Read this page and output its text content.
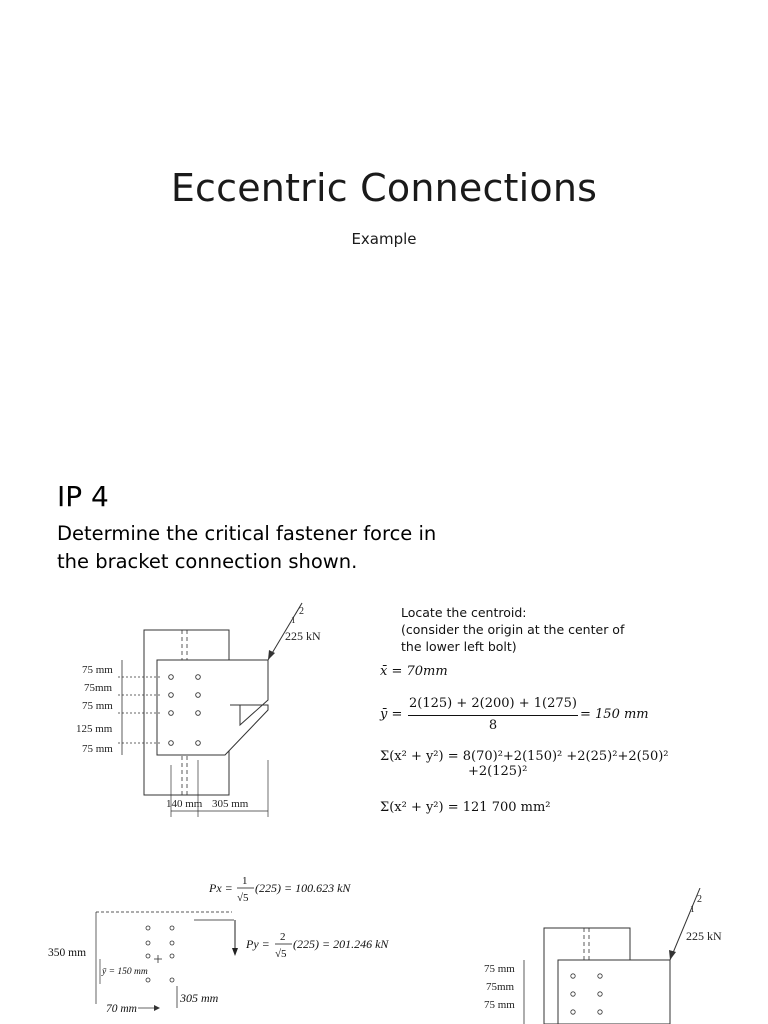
Eccentric Connections
Example
IP 4
Determine the critical fastener force in
the bracket connection shown.
75 mm
75mm
75 mm
125 mm
75 mm
140 mm 305 mm
2
1
225 kN
Locate the centroid:
(consider the origin at the center of
the lower left bolt)
x̄ = 70mm
ȳ =
2(125) + 2(200) + 1(275)
8
= 150 mm
Σ(x² + y²) = 8(70)²+2(150)² +2(25)²+2(50)²
+2(125)²
Σ(x² + y²) = 121 700 mm²
Px = 1
√5
(225) = 100.623 kN
Py = 2
√5
(225) = 201.246 kN
ȳ = 150 mm
350 mm
70 mm
305 mm
75 mm
75mm
75 mm
2
1
225 kN
